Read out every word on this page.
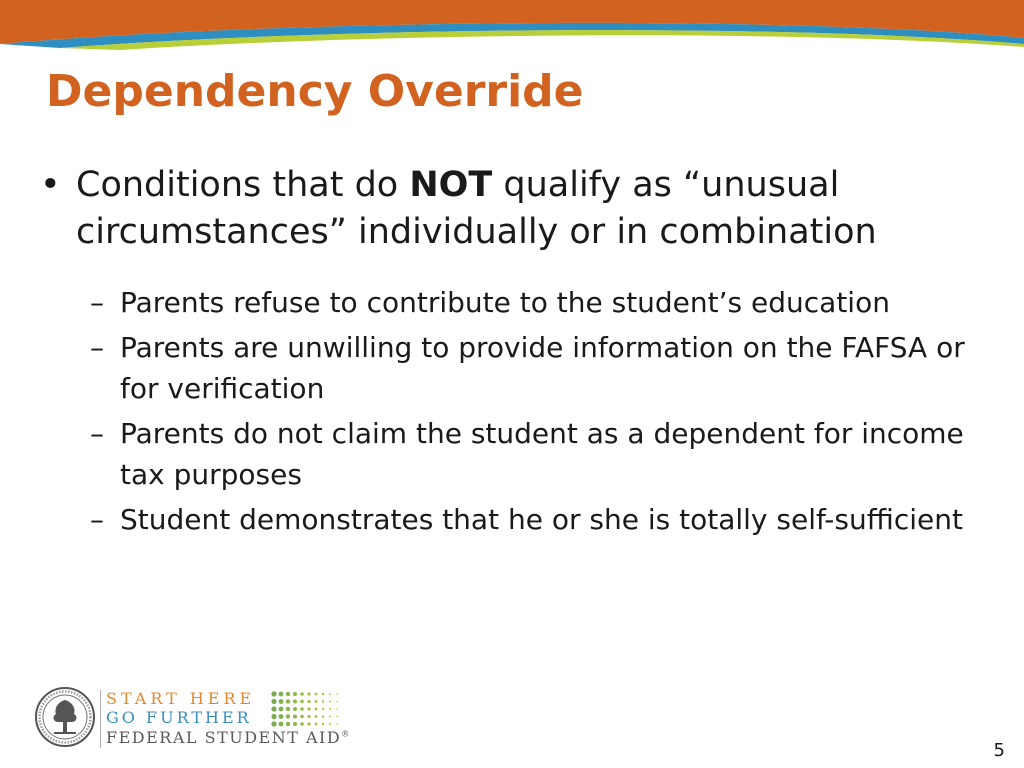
Dependency Override
• Conditions that do NOT qualify as “unusual circumstances” individually or in combination
– Parents refuse to contribute to the student’s education
– Parents are unwilling to provide information on the FAFSA or for verification
– Parents do not claim the student as a dependent for income tax purposes
– Student demonstrates that he or she is totally self-sufficient
START HERE
GO FURTHER
FEDERAL STUDENT AID®
5
